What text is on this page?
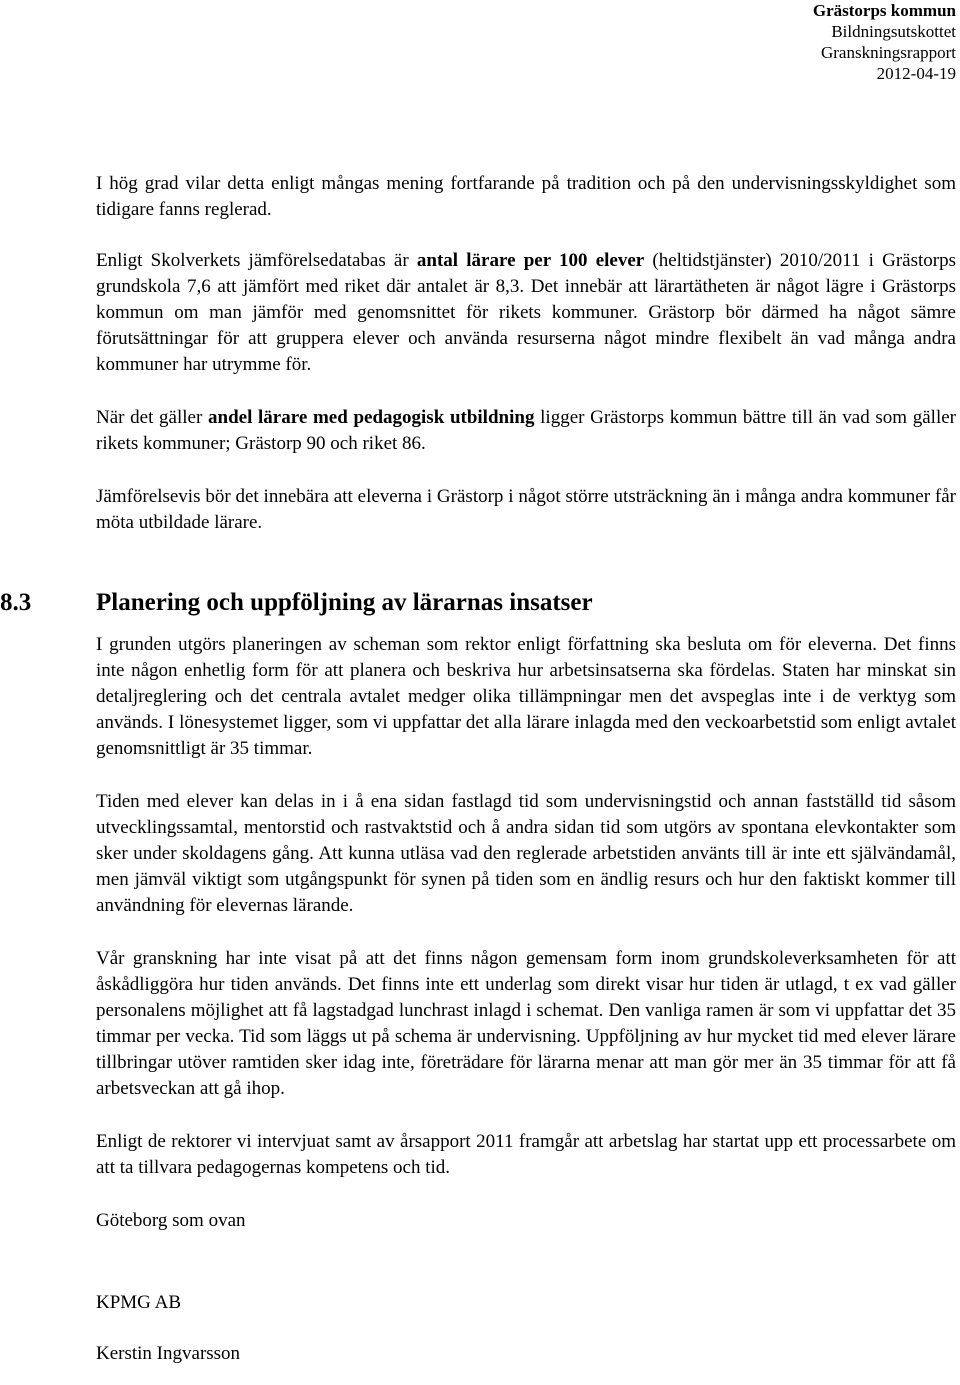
Grästorps kommun
Bildningsutskottet
Granskningsrapport
2012-04-19

I hög grad vilar detta enligt mångas mening fortfarande på tradition och på den undervisningsskyldighet som tidigare fanns reglerad.

Enligt Skolverkets jämförelsedatabas är antal lärare per 100 elever (heltidstjänster) 2010/2011 i Grästorps grundskola 7,6 att jämfört med riket där antalet är 8,3. Det innebär att lärartätheten är något lägre i Grästorps kommun om man jämför med genomsnittet för rikets kommuner. Grästorp bör därmed ha något sämre förutsättningar för att gruppera elever och använda resurserna något mindre flexibelt än vad många andra kommuner har utrymme för.

När det gäller andel lärare med pedagogisk utbildning ligger Grästorps kommun bättre till än vad som gäller rikets kommuner; Grästorp 90 och riket 86.

Jämförelsevis bör det innebära att eleverna i Grästorp i något större utsträckning än i många andra kommuner får möta utbildade lärare.

8.3	Planering och uppföljning av lärarnas insatser

I grunden utgörs planeringen av scheman som rektor enligt författning ska besluta om för eleverna. Det finns inte någon enhetlig form för att planera och beskriva hur arbetsinsatserna ska fördelas. Staten har minskat sin detaljreglering och det centrala avtalet medger olika tillämpningar men det avspeglas inte i de verktyg som används. I lönesystemet ligger, som vi uppfattar det alla lärare inlagda med den veckoarbetstid som enligt avtalet genomsnittligt är 35 timmar.

Tiden med elever kan delas in i å ena sidan fastlagd tid som undervisningstid och annan fastställd tid såsom utvecklingssamtal, mentorstid och rastvaktstid och å andra sidan tid som utgörs av spontana elevkontakter som sker under skoldagens gång. Att kunna utläsa vad den reglerade arbetstiden använts till är inte ett självändamål, men jämväl viktigt som utgångspunkt för synen på tiden som en ändlig resurs och hur den faktiskt kommer till användning för elevernas lärande.

Vår granskning har inte visat på att det finns någon gemensam form inom grundskoleverksamheten för att åskådliggöra hur tiden används. Det finns inte ett underlag som direkt visar hur tiden är utlagd, t ex vad gäller personalens möjlighet att få lagstadgad lunchrast inlagd i schemat. Den vanliga ramen är som vi uppfattar det 35 timmar per vecka. Tid som läggs ut på schema är undervisning. Uppföljning av hur mycket tid med elever lärare tillbringar utöver ramtiden sker idag inte, företrädare för lärarna menar att man gör mer än 35 timmar för att få arbetsveckan att gå ihop.

Enligt de rektorer vi intervjuat samt av årsapport 2011 framgår att arbetslag har startat upp ett processarbete om att ta tillvara pedagogernas kompetens och tid.

Göteborg som ovan
KPMG AB
Kerstin Ingvarsson
